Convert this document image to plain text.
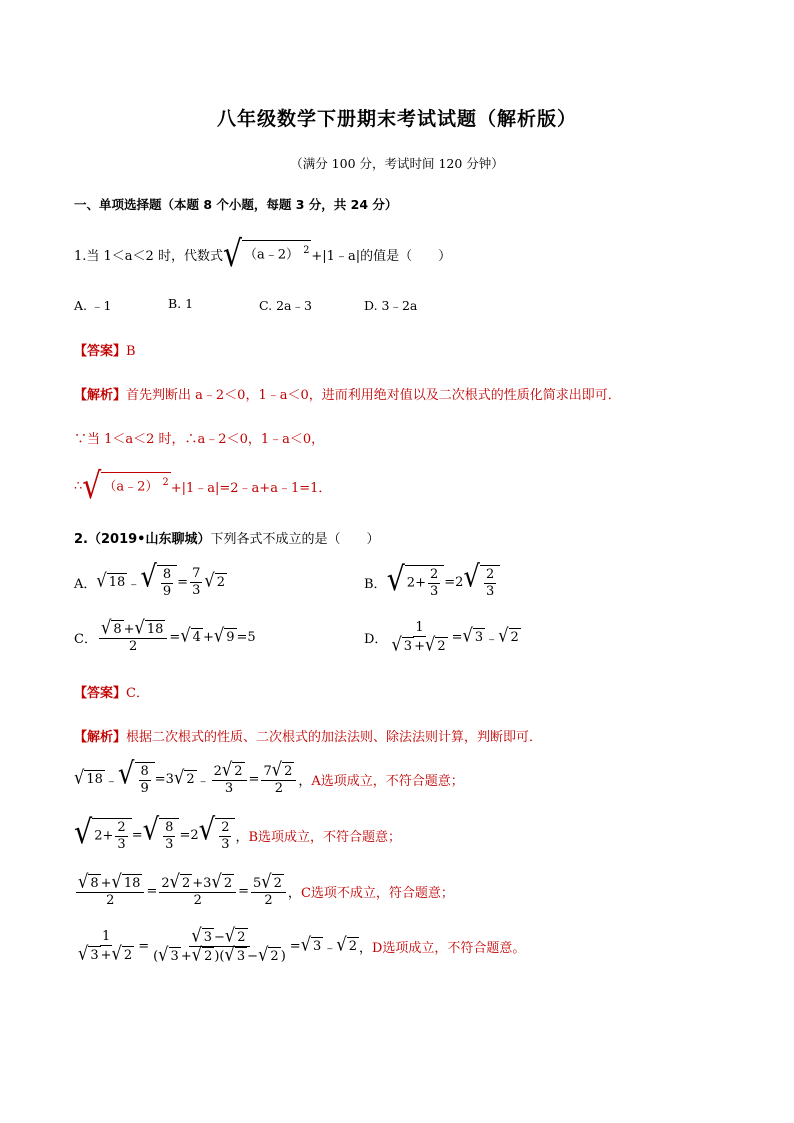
八年级数学下册期末考试试题（解析版）
（满分 100 分，考试时间 120 分钟）
一、单项选择题（本题 8 个小题，每题 3 分，共 24 分）
1.当 1＜a＜2 时，代数式 √ （a﹣2） $^2$ +|1﹣a|的值是（　　）
A. ﹣1	B. 1	C. 2a﹣3	D. 3﹣2a
【答案】B
【解析】首先判断出 a﹣2＜0，1﹣a＜0，进而利用绝对值以及二次根式的性质化简求出即可．
∵当 1＜a＜2 时，∴a﹣2＜0，1﹣a＜0，
∴ √ （a﹣2） $^2$ +|1﹣a|=2﹣a+a﹣1=1．
2.（2019•山东聊城）下列各式不成立的是（　　）
A． √ 18 ﹣ √ $\frac{8}{9} = \frac{7}{3}$ √ 2	B． √ $2+ \frac{2}{3} =2$ √ $\frac{2}{3}$
C． $\frac{√ 8 + √ 18}{2}$ = √ 4 + √ 9 =5	D． $\frac{1}{√ 3 + √ 2}$ = √ 3 ﹣ √ 2
【答案】C．
【解析】根据二次根式的性质、二次根式的加法法则、除法法则计算，判断即可．
√ 18 ﹣ √ $\frac{8}{9} =3$ √ 2 ﹣ $\frac{2 √ 2}{3} = \frac{7 √ 2}{2}$ ， A选项成立，不符合题意；
√ $2+ \frac{2}{3}$ = √ $\frac{8}{3} =2$ √ $\frac{2}{3}$ ， B选项成立，不符合题意；
$\frac{√ 8 + √ 18}{2} = \frac{2 √ 2 +3 √ 2}{2} = \frac{5 √ 2}{2}$ ， C选项不成立，符合题意；
$\frac{1}{√ 3 + √ 2} = \frac{√ 3 - √ 2}{( √ 3 + √ 2 )( √ 3 - √ 2 )}$ = √ 3 ﹣ √ 2 ， D选项成立，不符合题意。
